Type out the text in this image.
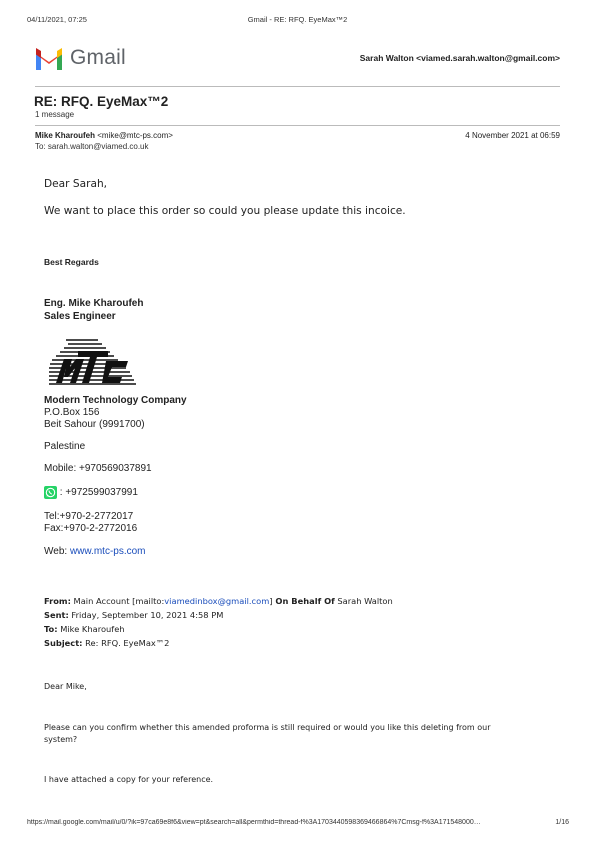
04/11/2021, 07:25	Gmail - RE: RFQ. EyeMax™2
Gmail	Sarah Walton <viamed.sarah.walton@gmail.com>
RE: RFQ. EyeMax™2
1 message
Mike Kharoufeh <mike@mtc-ps.com>	4 November 2021 at 06:59
To: sarah.walton@viamed.co.uk
Dear Sarah,
We want to place this order so could you please update this incoice.
Best Regards
Eng. Mike Kharoufeh
Sales Engineer
Modern Technology Company
P.O.Box 156
Beit Sahour (9991700)
Palestine
Mobile: +970569037891
: +972599037991
Tel:+970-2-2772017
Fax:+970-2-2772016
Web: www.mtc-ps.com
From: Main Account [mailto:viamedinbox@gmail.com] On Behalf Of Sarah Walton
Sent: Friday, September 10, 2021 4:58 PM
To: Mike Kharoufeh
Subject: Re: RFQ. EyeMax™2
Dear Mike,
Please can you confirm whether this amended proforma is still required or would you like this deleting from our
system?
I have attached a copy for your reference.
https://mail.google.com/mail/u/0/?ik=97ca69e8f6&view=pt&search=all&permthid=thread-f%3A1703440598369466864%7Cmsg-f%3A171548000…	1/16
